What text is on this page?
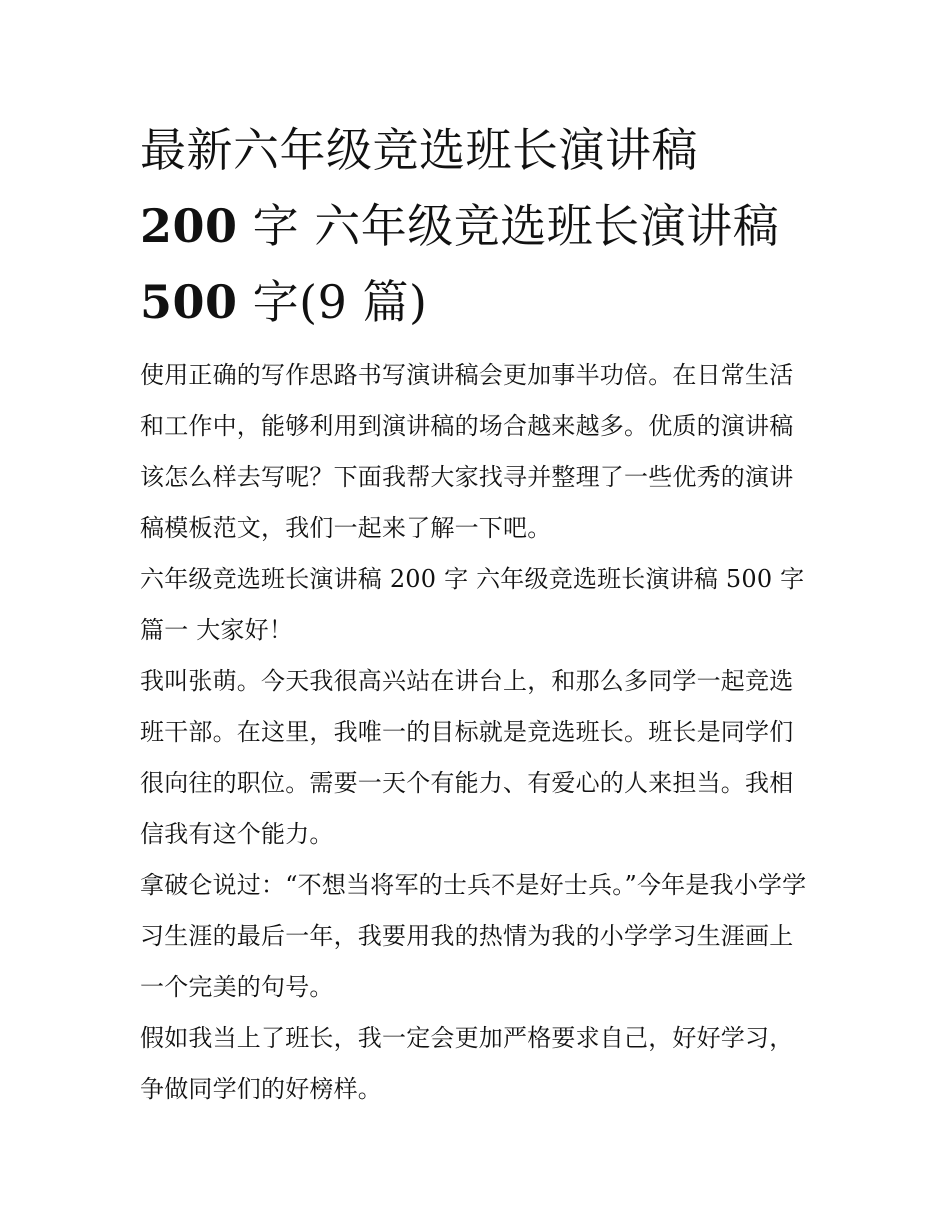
最新六年级竞选班长演讲稿
200 字 六年级竞选班长演讲稿
500 字(9 篇)

使用正确的写作思路书写演讲稿会更加事半功倍。在日常生活和工作中，能够利用到演讲稿的场合越来越多。优质的演讲稿该怎么样去写呢？下面我帮大家找寻并整理了一些优秀的演讲稿模板范文，我们一起来了解一下吧。

六年级竞选班长演讲稿 200 字 六年级竞选班长演讲稿 500 字

篇一 大家好！

我叫张萌。今天我很高兴站在讲台上，和那么多同学一起竞选班干部。在这里，我唯一的目标就是竞选班长。班长是同学们很向往的职位。需要一天个有能力、有爱心的人来担当。我相信我有这个能力。

拿破仑说过：“不想当将军的士兵不是好士兵。”今年是我小学学习生涯的最后一年，我要用我的热情为我的小学学习生涯画上一个完美的句号。

假如我当上了班长，我一定会更加严格要求自己，好好学习，争做同学们的好榜样。
